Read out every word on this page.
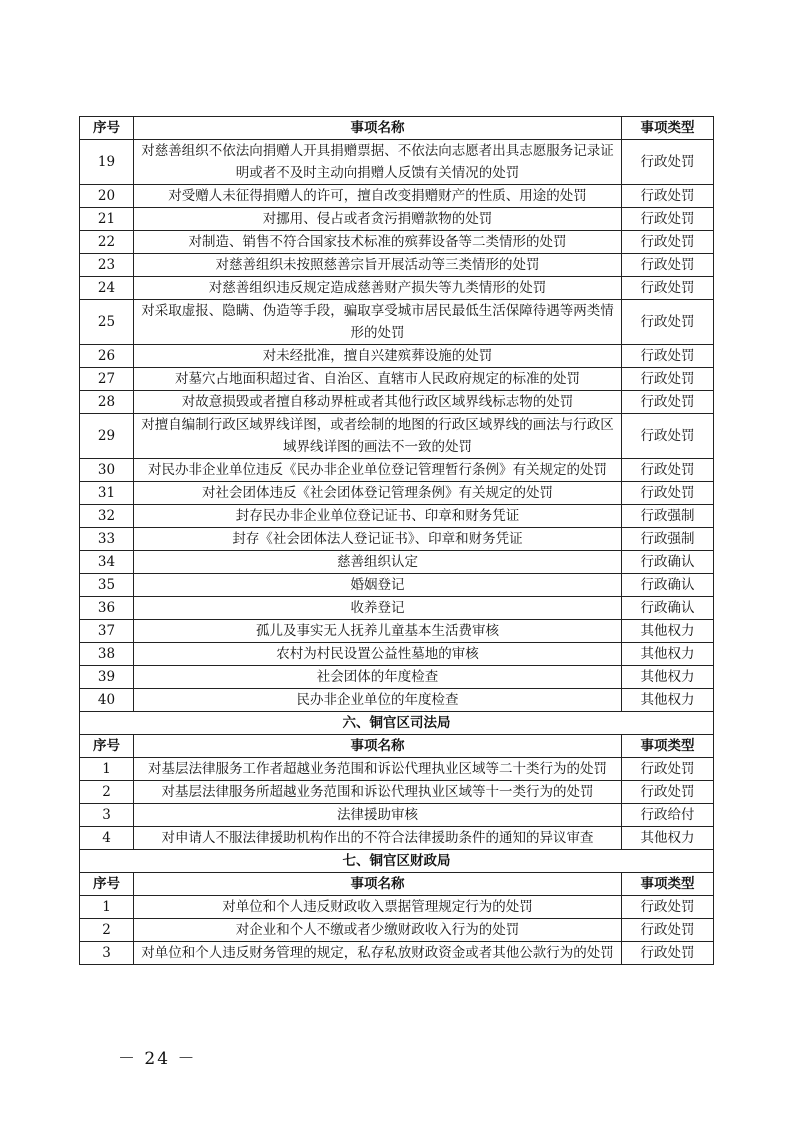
序号	事项名称	事项类型
19	对慈善组织不依法向捐赠人开具捐赠票据、不依法向志愿者出具志愿服务记录证明或者不及时主动向捐赠人反馈有关情况的处罚	行政处罚
20	对受赠人未征得捐赠人的许可，擅自改变捐赠财产的性质、用途的处罚	行政处罚
21	对挪用、侵占或者贪污捐赠款物的处罚	行政处罚
22	对制造、销售不符合国家技术标准的殡葬设备等二类情形的处罚	行政处罚
23	对慈善组织未按照慈善宗旨开展活动等三类情形的处罚	行政处罚
24	对慈善组织违反规定造成慈善财产损失等九类情形的处罚	行政处罚
25	对采取虚报、隐瞒、伪造等手段，骗取享受城市居民最低生活保障待遇等两类情形的处罚	行政处罚
26	对未经批准，擅自兴建殡葬设施的处罚	行政处罚
27	对墓穴占地面积超过省、自治区、直辖市人民政府规定的标准的处罚	行政处罚
28	对故意损毁或者擅自移动界桩或者其他行政区域界线标志物的处罚	行政处罚
29	对擅自编制行政区域界线详图，或者绘制的地图的行政区域界线的画法与行政区域界线详图的画法不一致的处罚	行政处罚
30	对民办非企业单位违反《民办非企业单位登记管理暂行条例》有关规定的处罚	行政处罚
31	对社会团体违反《社会团体登记管理条例》有关规定的处罚	行政处罚
32	封存民办非企业单位登记证书、印章和财务凭证	行政强制
33	封存《社会团体法人登记证书》、印章和财务凭证	行政强制
34	慈善组织认定	行政确认
35	婚姻登记	行政确认
36	收养登记	行政确认
37	孤儿及事实无人抚养儿童基本生活费审核	其他权力
38	农村为村民设置公益性墓地的审核	其他权力
39	社会团体的年度检查	其他权力
40	民办非企业单位的年度检查	其他权力
六、铜官区司法局		
序号	事项名称	事项类型
1	对基层法律服务工作者超越业务范围和诉讼代理执业区域等二十类行为的处罚	行政处罚
2	对基层法律服务所超越业务范围和诉讼代理执业区域等十一类行为的处罚	行政处罚
3	法律援助审核	行政给付
4	对申请人不服法律援助机构作出的不符合法律援助条件的通知的异议审查	其他权力
七、铜官区财政局		
序号	事项名称	事项类型
1	对单位和个人违反财政收入票据管理规定行为的处罚	行政处罚
2	对企业和个人不缴或者少缴财政收入行为的处罚	行政处罚
3	对单位和个人违反财务管理的规定，私存私放财政资金或者其他公款行为的处罚	行政处罚
－ 24 －
